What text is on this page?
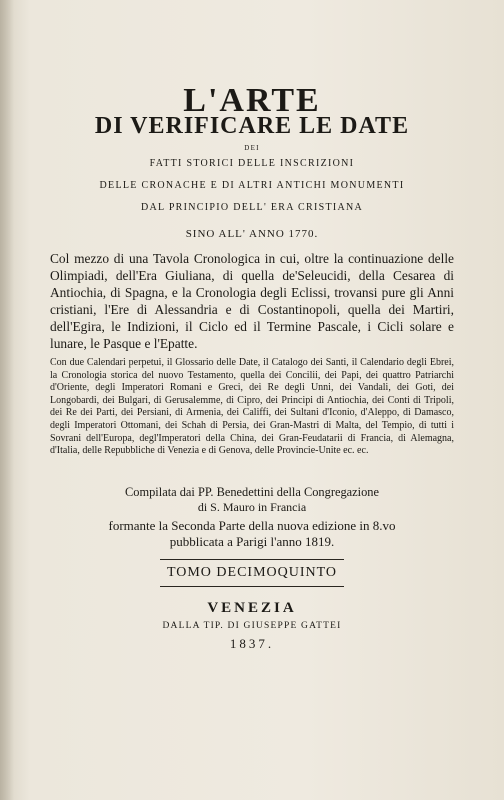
L'ARTE
DI VERIFICARE LE DATE
DEI
FATTI STORICI DELLE INSCRIZIONI
DELLE CRONACHE E DI ALTRI ANTICHI MONUMENTI
DAL PRINCIPIO DELL' ERA CRISTIANA
SINO ALL' ANNO 1770.
Col mezzo di una Tavola Cronologica in cui, oltre la continuazione delle Olimpiadi, dell'Era Giuliana, di quella de'Seleucidi, della Cesarea di Antiochia, di Spagna, e la Cronologia degli Eclissi, trovansi pure gli Anni cristiani, l'Ere di Alessandria e di Costantinopoli, quella dei Martiri, dell'Egira, le Indizioni, il Ciclo ed il Termine Pascale, i Cicli solare e lunare, le Pasque e l'Epatte.
Con due Calendari perpetui, il Glossario delle Date, il Catalogo dei Santi, il Calendario degli Ebrei, la Cronologia storica del nuovo Testamento, quella dei Concilii, dei Papi, dei quattro Patriarchi d'Oriente, degli Imperatori Romani e Greci, dei Re degli Unni, dei Vandali, dei Goti, dei Longobardi, dei Bulgari, di Gerusalemme, di Cipro, dei Principi di Antiochia, dei Conti di Tripoli, dei Re dei Parti, dei Persiani, di Armenia, dei Califfi, dei Sultani d'Iconio, d'Aleppo, di Damasco, degli Imperatori Ottomani, dei Schah di Persia, dei Gran-Mastri di Malta, del Tempio, di tutti i Sovrani dell'Europa, degl'Imperatori della China, dei Gran-Feudatarii di Francia, di Alemagna, d'Italia, delle Repubbliche di Venezia e di Genova, delle Provincie-Unite ec. ec.
Compilata dai PP. Benedettini della Congregazione
di S. Mauro in Francia
formante la Seconda Parte della nuova edizione in 8.vo
pubblicata a Parigi l'anno 1819.
TOMO DECIMOQUINTO
VENEZIA
DALLA TIP. DI GIUSEPPE GATTEI
1837.
